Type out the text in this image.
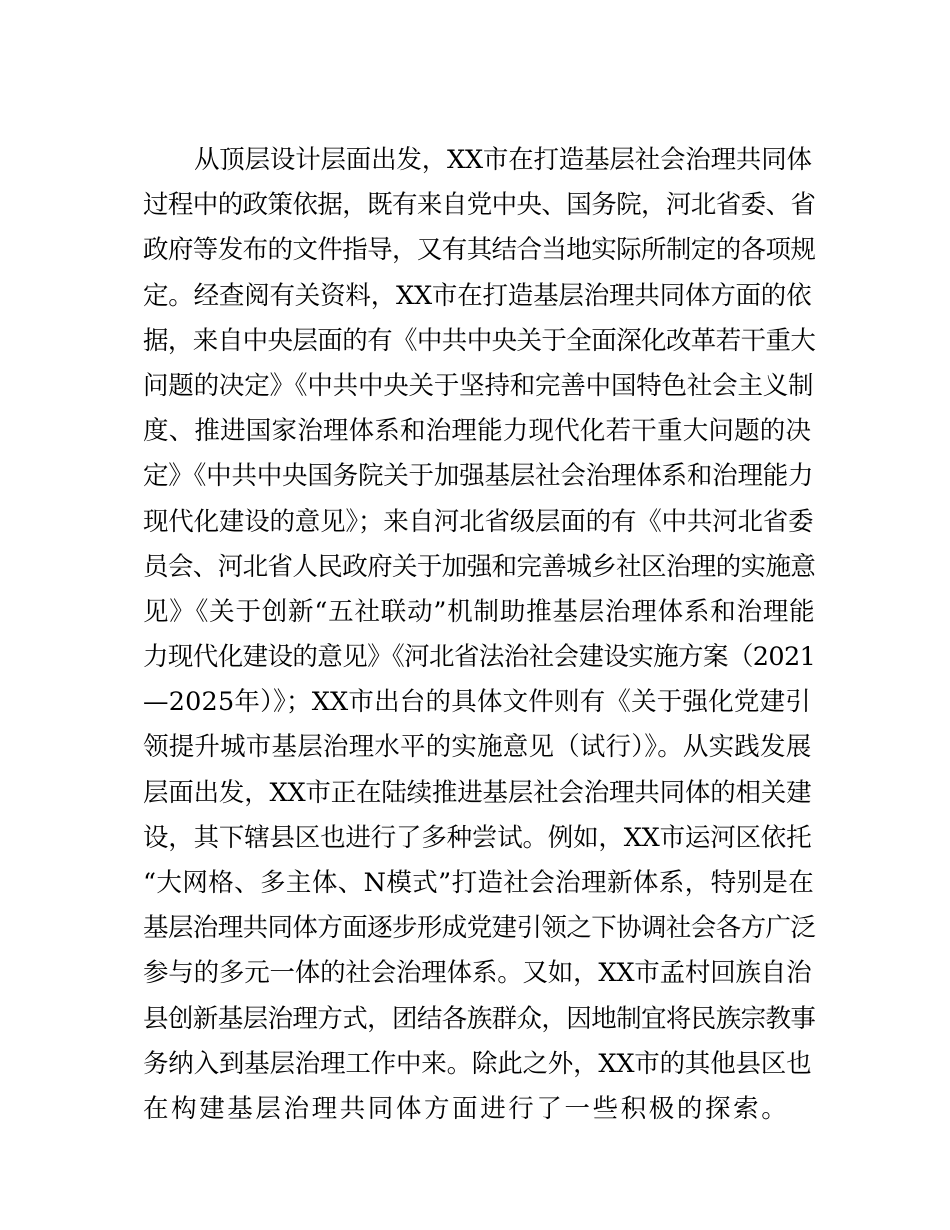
从顶层设计层面出发，XX市在打造基层社会治理共同体
过程中的政策依据，既有来自党中央、国务院，河北省委、省
政府等发布的文件指导，又有其结合当地实际所制定的各项规
定。经查阅有关资料，XX市在打造基层治理共同体方面的依
据，来自中央层面的有《中共中央关于全面深化改革若干重大
问题的决定》《中共中央关于坚持和完善中国特色社会主义制
度、推进国家治理体系和治理能力现代化若干重大问题的决
定》《中共中央国务院关于加强基层社会治理体系和治理能力
现代化建设的意见》；来自河北省级层面的有《中共河北省委
员会、河北省人民政府关于加强和完善城乡社区治理的实施意
见》《关于创新“五社联动”机制助推基层治理体系和治理能
力现代化建设的意见》《河北省法治社会建设实施方案（2021
—2025年）》；XX市出台的具体文件则有《关于强化党建引
领提升城市基层治理水平的实施意见（试行）》。从实践发展
层面出发，XX市正在陆续推进基层社会治理共同体的相关建
设，其下辖县区也进行了多种尝试。例如，XX市运河区依托
“大网格、多主体、N模式”打造社会治理新体系，特别是在
基层治理共同体方面逐步形成党建引领之下协调社会各方广泛
参与的多元一体的社会治理体系。又如，XX市孟村回族自治
县创新基层治理方式，团结各族群众，因地制宜将民族宗教事
务纳入到基层治理工作中来。除此之外，XX市的其他县区也
在构建基层治理共同体方面进行了一些积极的探索。
